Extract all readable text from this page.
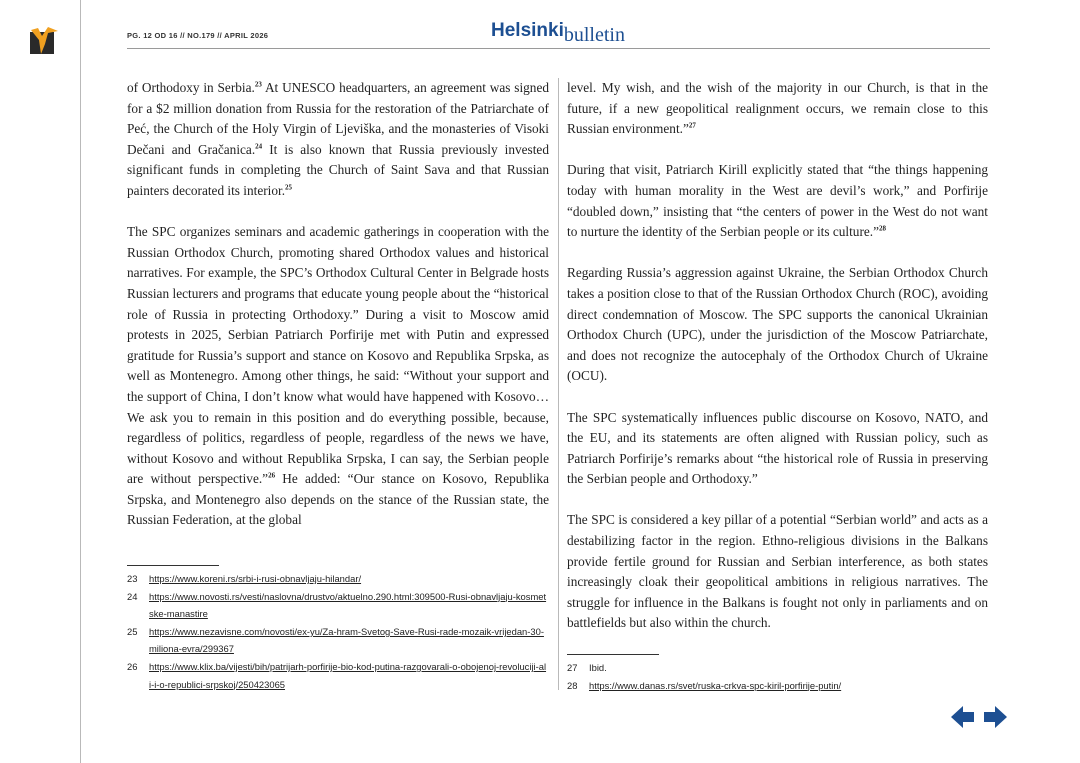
PG. 12 OD 16 // NO.179 // APRIL 2026	Helsinkibulletin

of Orthodoxy in Serbia.$^{23}$ At UNESCO headquarters, an agreement was signed for a $2 million donation from Russia for the restoration of the Patriarchate of Peć, the Church of the Holy Virgin of Ljeviška, and the monasteries of Visoki Dečani and Gračanica.$^{24}$ It is also known that Russia previously invested significant funds in completing the Church of Saint Sava and that Russian painters decorated its interior.$^{25}$

The SPC organizes seminars and academic gatherings in cooperation with the Russian Orthodox Church, promoting shared Orthodox values and historical narratives. For example, the SPC’s Orthodox Cultural Center in Belgrade hosts Russian lecturers and programs that educate young people about the “historical role of Russia in protecting Orthodoxy.” During a visit to Moscow amid protests in 2025, Serbian Patriarch Porfirije met with Putin and expressed gratitude for Russia’s support and stance on Kosovo and Republika Srpska, as well as Montenegro. Among other things, he said: “Without your support and the support of China, I don’t know what would have happened with Kosovo… We ask you to remain in this position and do everything possible, because, regardless of politics, regardless of people, regardless of the news we have, without Kosovo and without Republika Srpska, I can say, the Serbian people are without perspective.”$^{26}$ He added: “Our stance on Kosovo, Republika Srpska, and Montenegro also depends on the stance of the Russian state, the Russian Federation, at the global

level. My wish, and the wish of the majority in our Church, is that in the future, if a new geopolitical realignment occurs, we remain close to this Russian environment.”$^{27}$

During that visit, Patriarch Kirill explicitly stated that “the things happening today with human morality in the West are devil’s work,” and Porfirije “doubled down,” insisting that “the centers of power in the West do not want to nurture the identity of the Serbian people or its culture.”$^{28}$

Regarding Russia’s aggression against Ukraine, the Serbian Orthodox Church takes a position close to that of the Russian Orthodox Church (ROC), avoiding direct condemnation of Moscow. The SPC supports the canonical Ukrainian Orthodox Church (UPC), under the jurisdiction of the Moscow Patriarchate, and does not recognize the autocephaly of the Orthodox Church of Ukraine (OCU).

The SPC systematically influences public discourse on Kosovo, NATO, and the EU, and its statements are often aligned with Russian policy, such as Patriarch Porfirije’s remarks about “the historical role of Russia in preserving the Serbian people and Orthodoxy.”

The SPC is considered a key pillar of a potential “Serbian world” and acts as a destabilizing factor in the region. Ethno-religious divisions in the Balkans provide fertile ground for Russian and Serbian interference, as both states increasingly cloak their geopolitical ambitions in religious narratives. The struggle for influence in the Balkans is fought not only in parliaments and on battlefields but also within the church.

23	https://www.koreni.rs/srbi-i-rusi-obnavljaju-hilandar/
24	https://www.novosti.rs/vesti/naslovna/drustvo/aktuelno.290.html:309500-Rusi-obnavljaju-kosmetske-manastire
25	https://www.nezavisne.com/novosti/ex-yu/Za-hram-Svetog-Save-Rusi-rade-mozaik-vrijedan-30-miliona-evra/299367
26	https://www.klix.ba/vijesti/bih/patrijarh-porfirije-bio-kod-putina-razgovarali-o-obojenoj-revoluciji-ali-i-o-republici-srpskoj/250423065
27	Ibid.
28	https://www.danas.rs/svet/ruska-crkva-spc-kiril-porfirije-putin/
